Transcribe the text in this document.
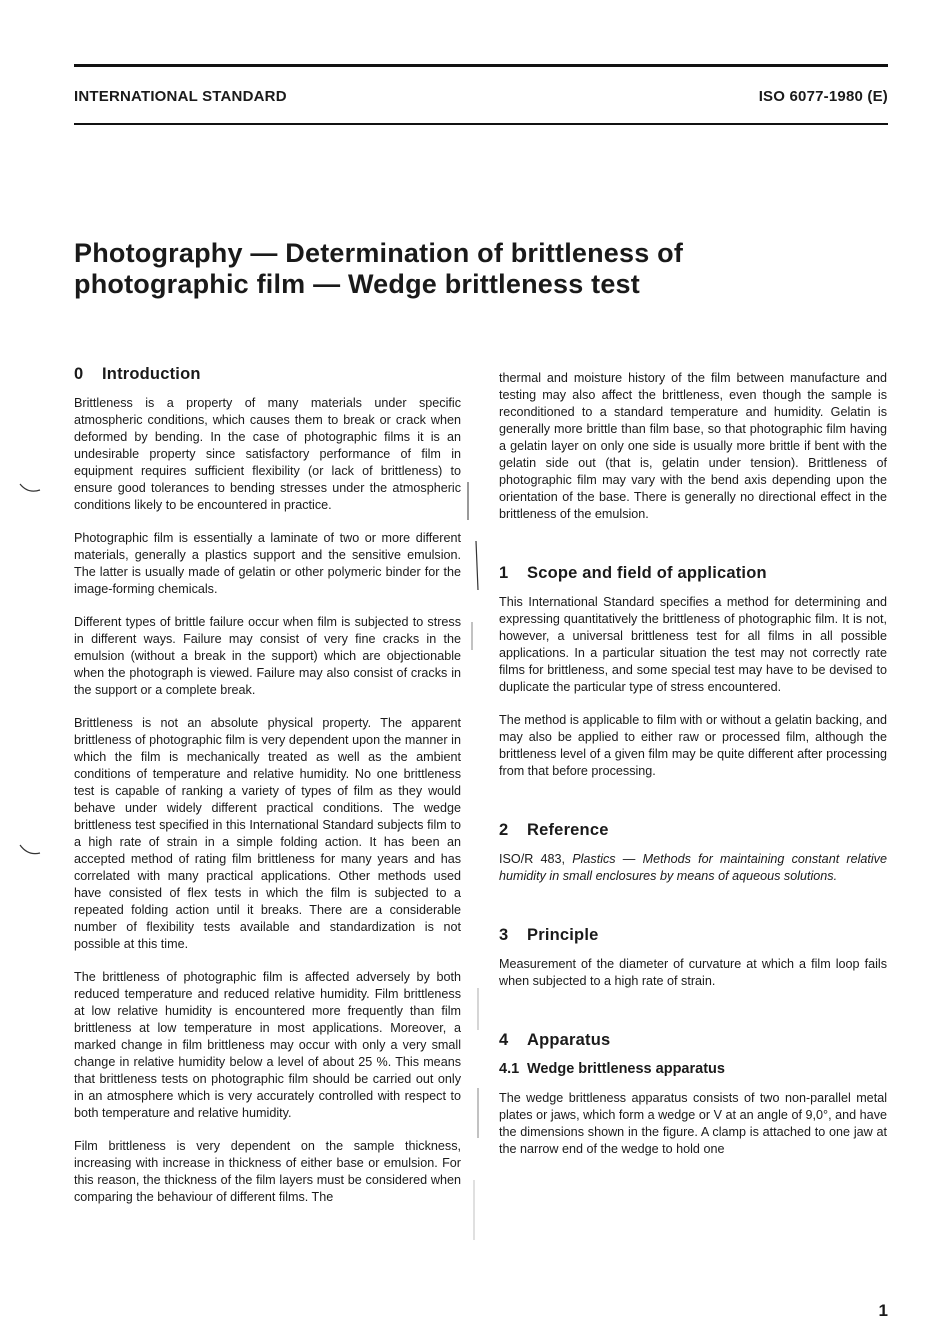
INTERNATIONAL STANDARD	ISO 6077-1980 (E)
Photography — Determination of brittleness of
photographic film — Wedge brittleness test
0 Introduction

Brittleness is a property of many materials under specific atmospheric conditions, which causes them to break or crack when deformed by bending. In the case of photographic films it is an undesirable property since satisfactory performance of film in equipment requires sufficient flexibility (or lack of brittleness) to ensure good tolerances to bending stresses under the atmospheric conditions likely to be encountered in practice.

Photographic film is essentially a laminate of two or more different materials, generally a plastics support and the sensitive emulsion. The latter is usually made of gelatin or other polymeric binder for the image-forming chemicals.

Different types of brittle failure occur when film is subjected to stress in different ways. Failure may consist of very fine cracks in the emulsion (without a break in the support) which are objectionable when the photograph is viewed. Failure may also consist of cracks in the support or a complete break.

Brittleness is not an absolute physical property. The apparent brittleness of photographic film is very dependent upon the manner in which the film is mechanically treated as well as the ambient conditions of temperature and relative humidity. No one brittleness test is capable of ranking a variety of types of film as they would behave under widely different practical conditions. The wedge brittleness test specified in this International Standard subjects film to a high rate of strain in a simple folding action. It has been an accepted method of rating film brittleness for many years and has correlated with many practical applications. Other methods used have consisted of flex tests in which the film is subjected to a repeated folding action until it breaks. There are a considerable number of flexibility tests available and standardization is not possible at this time.

The brittleness of photographic film is affected adversely by both reduced temperature and reduced relative humidity. Film brittleness at low relative humidity is encountered more frequently than film brittleness at low temperature in most applications. Moreover, a marked change in film brittleness may occur with only a very small change in relative humidity below a level of about 25 %. This means that brittleness tests on photographic film should be carried out only in an atmosphere which is very accurately controlled with respect to both temperature and relative humidity.

Film brittleness is very dependent on the sample thickness, increasing with increase in thickness of either base or emulsion. For this reason, the thickness of the film layers must be considered when comparing the behaviour of different films. The

thermal and moisture history of the film between manufacture and testing may also affect the brittleness, even though the sample is reconditioned to a standard temperature and humidity. Gelatin is generally more brittle than film base, so that photographic film having a gelatin layer on only one side is usually more brittle if bent with the gelatin side out (that is, gelatin under tension). Brittleness of photographic film may vary with the bend axis depending upon the orientation of the base. There is generally no directional effect in the brittleness of the emulsion.

1 Scope and field of application

This International Standard specifies a method for determining and expressing quantitatively the brittleness of photographic film. It is not, however, a universal brittleness test for all films in all possible applications. In a particular situation the test may not correctly rate films for brittleness, and some special test may have to be devised to duplicate the particular type of stress encountered.

The method is applicable to film with or without a gelatin backing, and may also be applied to either raw or processed film, although the brittleness level of a given film may be quite different after processing from that before processing.

2 Reference

ISO/R 483, Plastics — Methods for maintaining constant relative humidity in small enclosures by means of aqueous solutions.

3 Principle

Measurement of the diameter of curvature at which a film loop fails when subjected to a high rate of strain.

4 Apparatus
4.1 Wedge brittleness apparatus

The wedge brittleness apparatus consists of two non-parallel metal plates or jaws, which form a wedge or V at an angle of 9,0°, and have the dimensions shown in the figure. A clamp is attached to one jaw at the narrow end of the wedge to hold one

1
